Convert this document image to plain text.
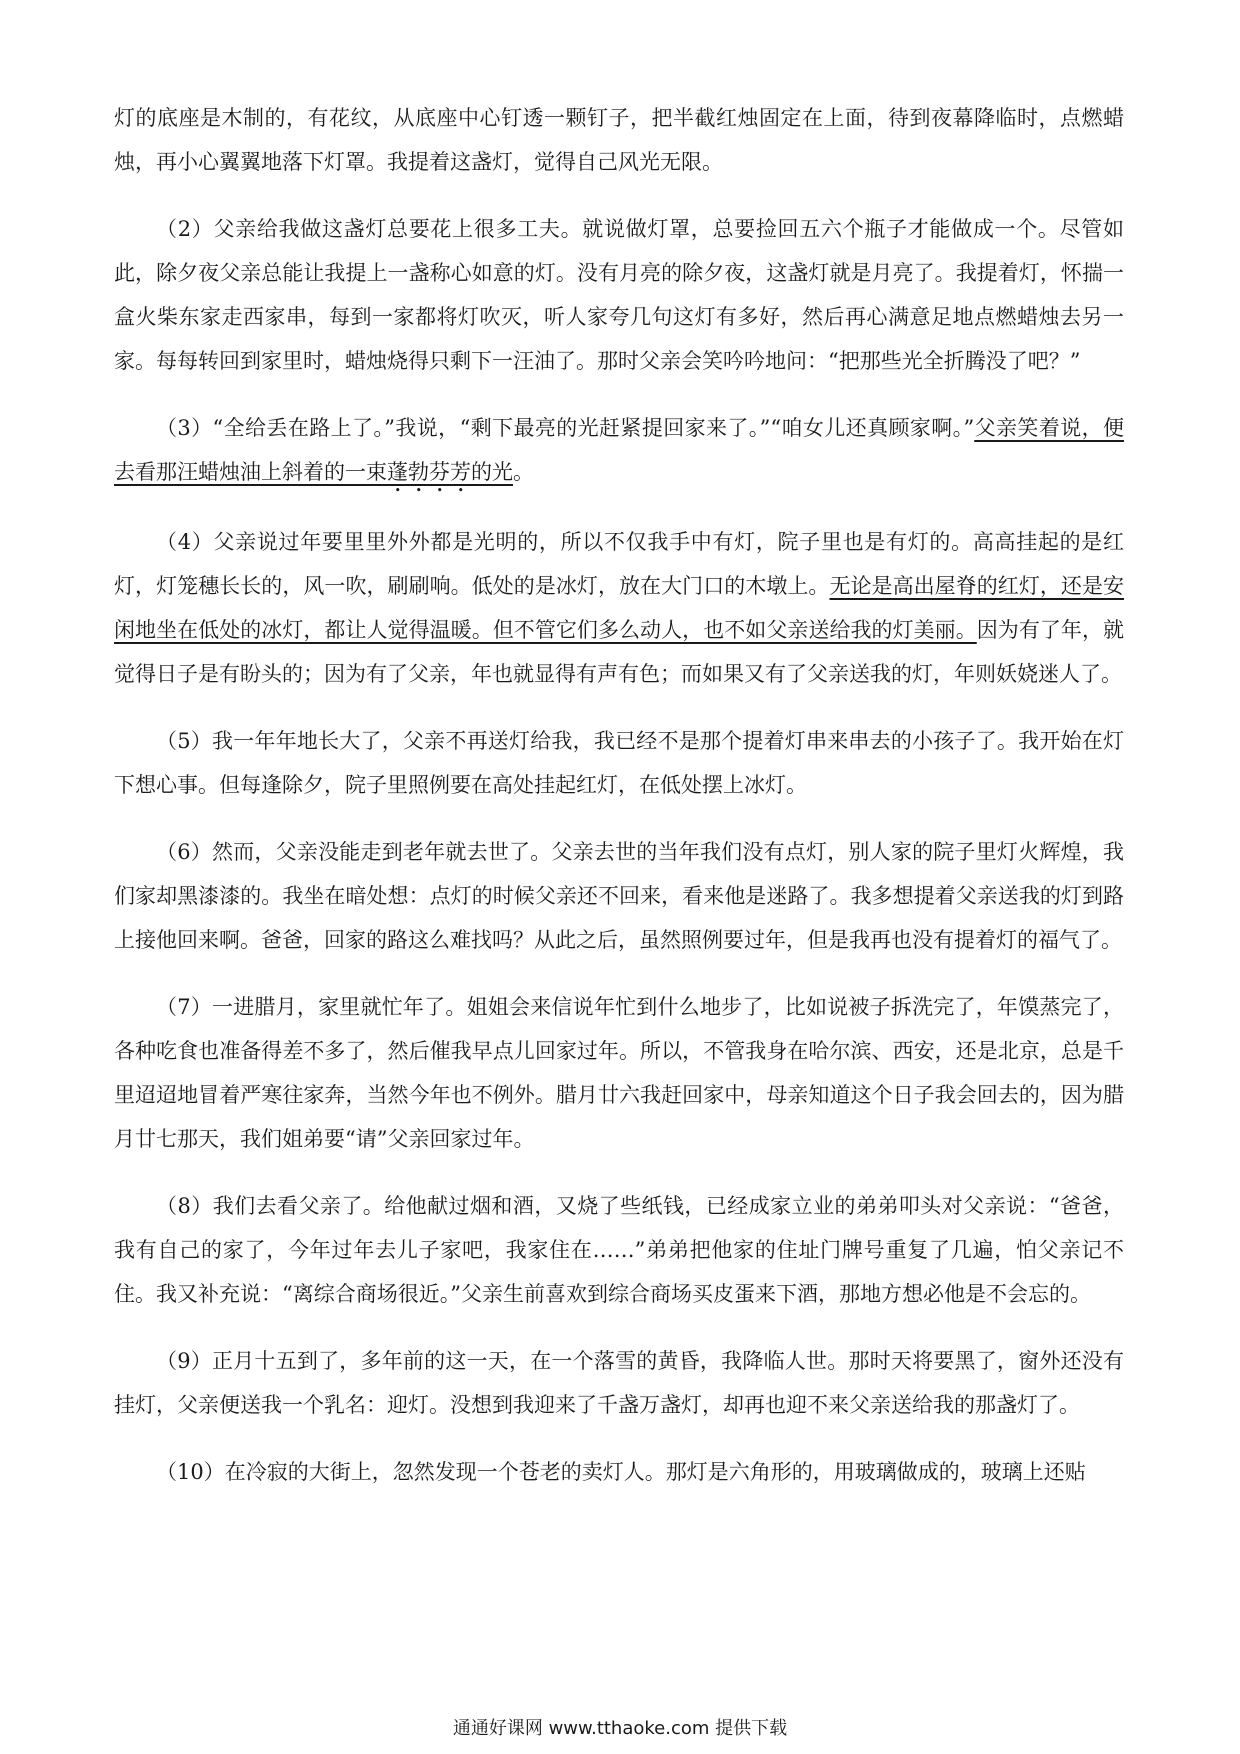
灯的底座是木制的，有花纹，从底座中心钉透一颗钉子，把半截红烛固定在上面，待到夜幕降临时，点燃蜡烛，再小心翼翼地落下灯罩。我提着这盏灯，觉得自己风光无限。

（2）父亲给我做这盏灯总要花上很多工夫。就说做灯罩，总要捡回五六个瓶子才能做成一个。尽管如此，除夕夜父亲总能让我提上一盏称心如意的灯。没有月亮的除夕夜，这盏灯就是月亮了。我提着灯，怀揣一盒火柴东家走西家串，每到一家都将灯吹灭，听人家夸几句这灯有多好，然后再心满意足地点燃蜡烛去另一家。每每转回到家里时，蜡烛烧得只剩下一汪油了。那时父亲会笑吟吟地问：“把那些光全折腾没了吧？”

（3）“全给丢在路上了。”我说，“剩下最亮的光赶紧提回家来了。”“咱女儿还真顾家啊。”父亲笑着说，便去看那汪蜡烛油上斜着的一束蓬勃芬芳的光。

（4）父亲说过年要里里外外都是光明的，所以不仅我手中有灯，院子里也是有灯的。高高挂起的是红灯，灯笼穗长长的，风一吹，刷刷响。低处的是冰灯，放在大门口的木墩上。无论是高出屋脊的红灯，还是安闲地坐在低处的冰灯，都让人觉得温暖。但不管它们多么动人，也不如父亲送给我的灯美丽。因为有了年，就觉得日子是有盼头的；因为有了父亲，年也就显得有声有色；而如果又有了父亲送我的灯，年则妖娆迷人了。

（5）我一年年地长大了，父亲不再送灯给我，我已经不是那个提着灯串来串去的小孩子了。我开始在灯下想心事。但每逢除夕，院子里照例要在高处挂起红灯，在低处摆上冰灯。

（6）然而，父亲没能走到老年就去世了。父亲去世的当年我们没有点灯，别人家的院子里灯火辉煌，我们家却黑漆漆的。我坐在暗处想：点灯的时候父亲还不回来，看来他是迷路了。我多想提着父亲送我的灯到路上接他回来啊。爸爸，回家的路这么难找吗？从此之后，虽然照例要过年，但是我再也没有提着灯的福气了。

（7）一进腊月，家里就忙年了。姐姐会来信说年忙到什么地步了，比如说被子拆洗完了，年馍蒸完了，各种吃食也准备得差不多了，然后催我早点儿回家过年。所以，不管我身在哈尔滨、西安，还是北京，总是千里迢迢地冒着严寒往家奔，当然今年也不例外。腊月廿六我赶回家中，母亲知道这个日子我会回去的，因为腊月廿七那天，我们姐弟要“请”父亲回家过年。

（8）我们去看父亲了。给他献过烟和酒，又烧了些纸钱，已经成家立业的弟弟叩头对父亲说：“爸爸，我有自己的家了，今年过年去儿子家吧，我家住在……”弟弟把他家的住址门牌号重复了几遍，怕父亲记不住。我又补充说：“离综合商场很近。”父亲生前喜欢到综合商场买皮蛋来下酒，那地方想必他是不会忘的。

（9）正月十五到了，多年前的这一天，在一个落雪的黄昏，我降临人世。那时天将要黑了，窗外还没有挂灯，父亲便送我一个乳名：迎灯。没想到我迎来了千盏万盏灯，却再也迎不来父亲送给我的那盏灯了。

（10）在冷寂的大街上，忽然发现一个苍老的卖灯人。那灯是六角形的，用玻璃做成的，玻璃上还贴

通通好课网 www.tthaoke.com 提供下载
